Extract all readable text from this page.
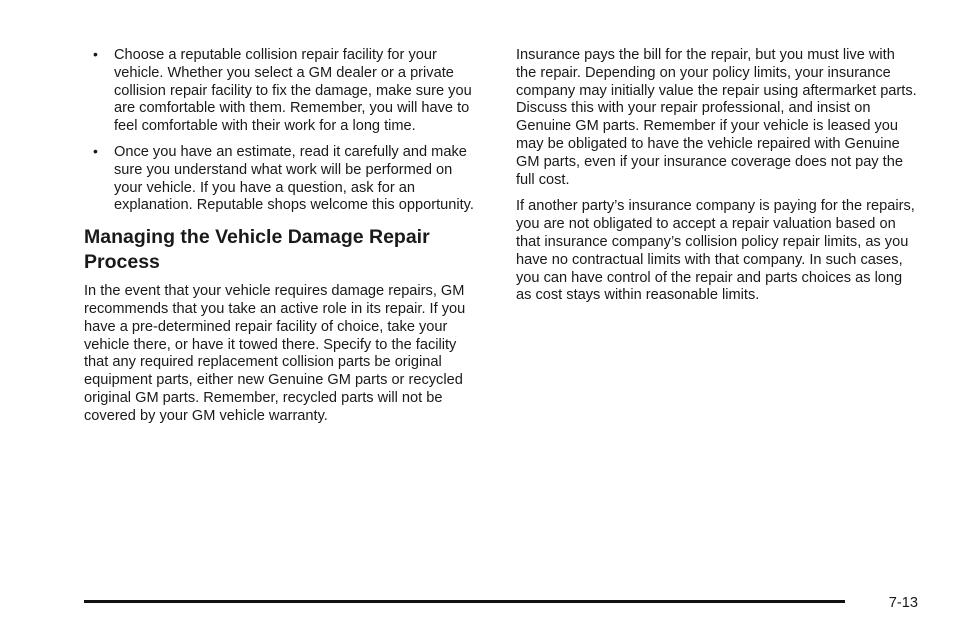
• Choose a reputable collision repair facility for your vehicle. Whether you select a GM dealer or a private collision repair facility to fix the damage, make sure you are comfortable with them. Remember, you will have to feel comfortable with their work for a long time.
• Once you have an estimate, read it carefully and make sure you understand what work will be performed on your vehicle. If you have a question, ask for an explanation. Reputable shops welcome this opportunity.
Managing the Vehicle Damage Repair Process

In the event that your vehicle requires damage repairs, GM recommends that you take an active role in its repair. If you have a pre-determined repair facility of choice, take your vehicle there, or have it towed there. Specify to the facility that any required replacement collision parts be original equipment parts, either new Genuine GM parts or recycled original GM parts. Remember, recycled parts will not be covered by your GM vehicle warranty.

Insurance pays the bill for the repair, but you must live with the repair. Depending on your policy limits, your insurance company may initially value the repair using aftermarket parts. Discuss this with your repair professional, and insist on Genuine GM parts. Remember if your vehicle is leased you may be obligated to have the vehicle repaired with Genuine GM parts, even if your insurance coverage does not pay the full cost.

If another party’s insurance company is paying for the repairs, you are not obligated to accept a repair valuation based on that insurance company’s collision policy repair limits, as you have no contractual limits with that company. In such cases, you can have control of the repair and parts choices as long as cost stays within reasonable limits.

7-13
